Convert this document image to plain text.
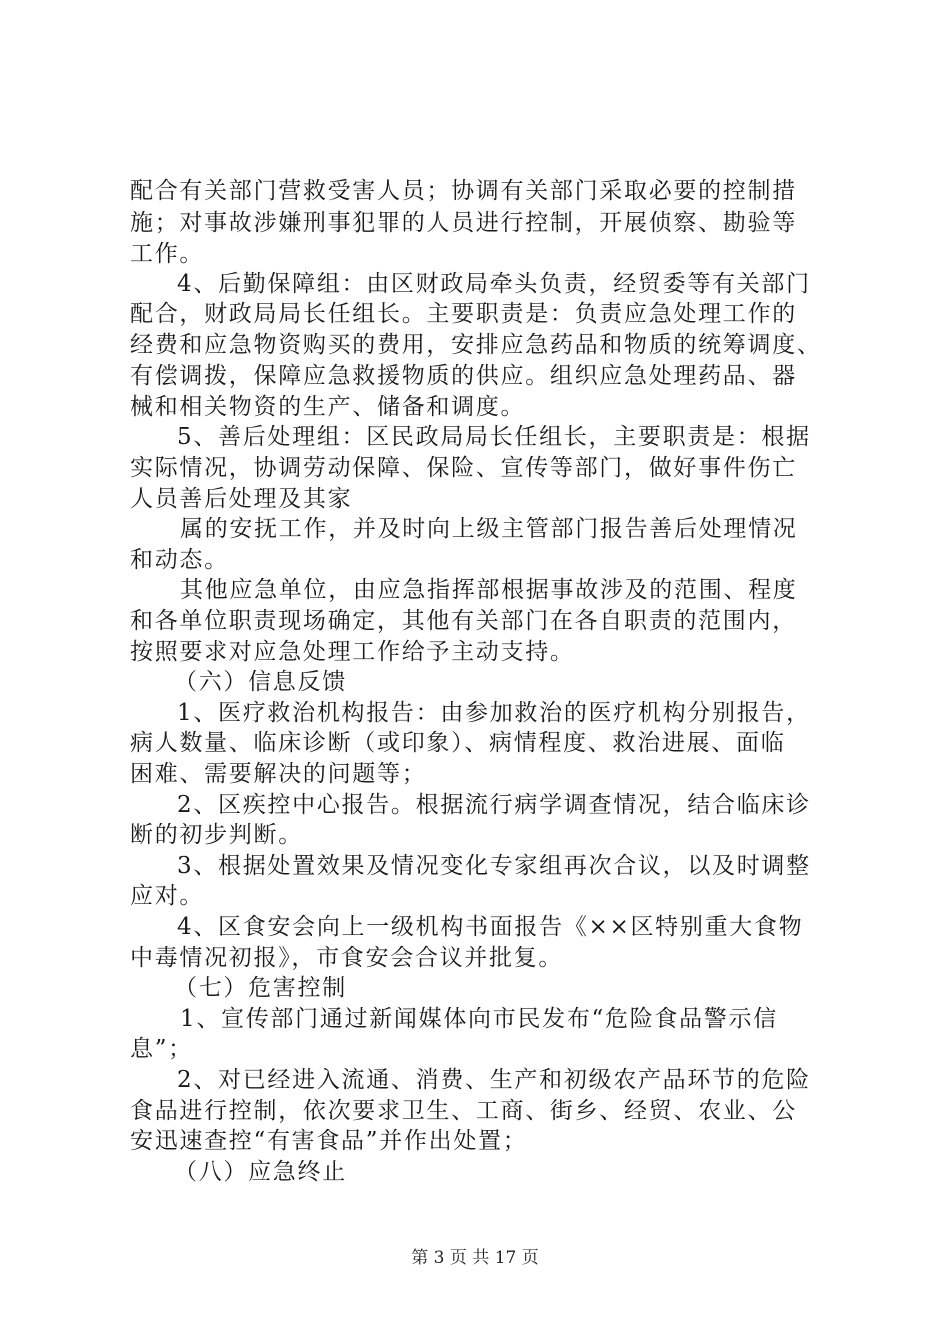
配合有关部门营救受害人员；协调有关部门采取必要的控制措
施；对事故涉嫌刑事犯罪的人员进行控制，开展侦察、勘验等
工作。
4、后勤保障组：由区财政局牵头负责，经贸委等有关部门
配合，财政局局长任组长。主要职责是：负责应急处理工作的
经费和应急物资购买的费用，安排应急药品和物质的统筹调度、
有偿调拨，保障应急救援物质的供应。组织应急处理药品、器
械和相关物资的生产、储备和调度。
5、善后处理组：区民政局局长任组长，主要职责是：根据
实际情况，协调劳动保障、保险、宣传等部门，做好事件伤亡
人员善后处理及其家
属的安抚工作，并及时向上级主管部门报告善后处理情况
和动态。
其他应急单位，由应急指挥部根据事故涉及的范围、程度
和各单位职责现场确定，其他有关部门在各自职责的范围内，
按照要求对应急处理工作给予主动支持。
（六）信息反馈
1、医疗救治机构报告：由参加救治的医疗机构分别报告，
病人数量、临床诊断（或印象）、病情程度、救治进展、面临
困难、需要解决的问题等；
2、区疾控中心报告。根据流行病学调查情况，结合临床诊
断的初步判断。
3、根据处置效果及情况变化专家组再次合议，以及时调整
应对。
4、区食安会向上一级机构书面报告《××区特别重大食物
中毒情况初报》，市食安会合议并批复。
（七）危害控制
1、宣传部门通过新闻媒体向市民发布“危险食品警示信
息”；
2、对已经进入流通、消费、生产和初级农产品环节的危险
食品进行控制，依次要求卫生、工商、街乡、经贸、农业、公
安迅速查控“有害食品”并作出处置；
（八）应急终止
第 3 页 共 17 页
